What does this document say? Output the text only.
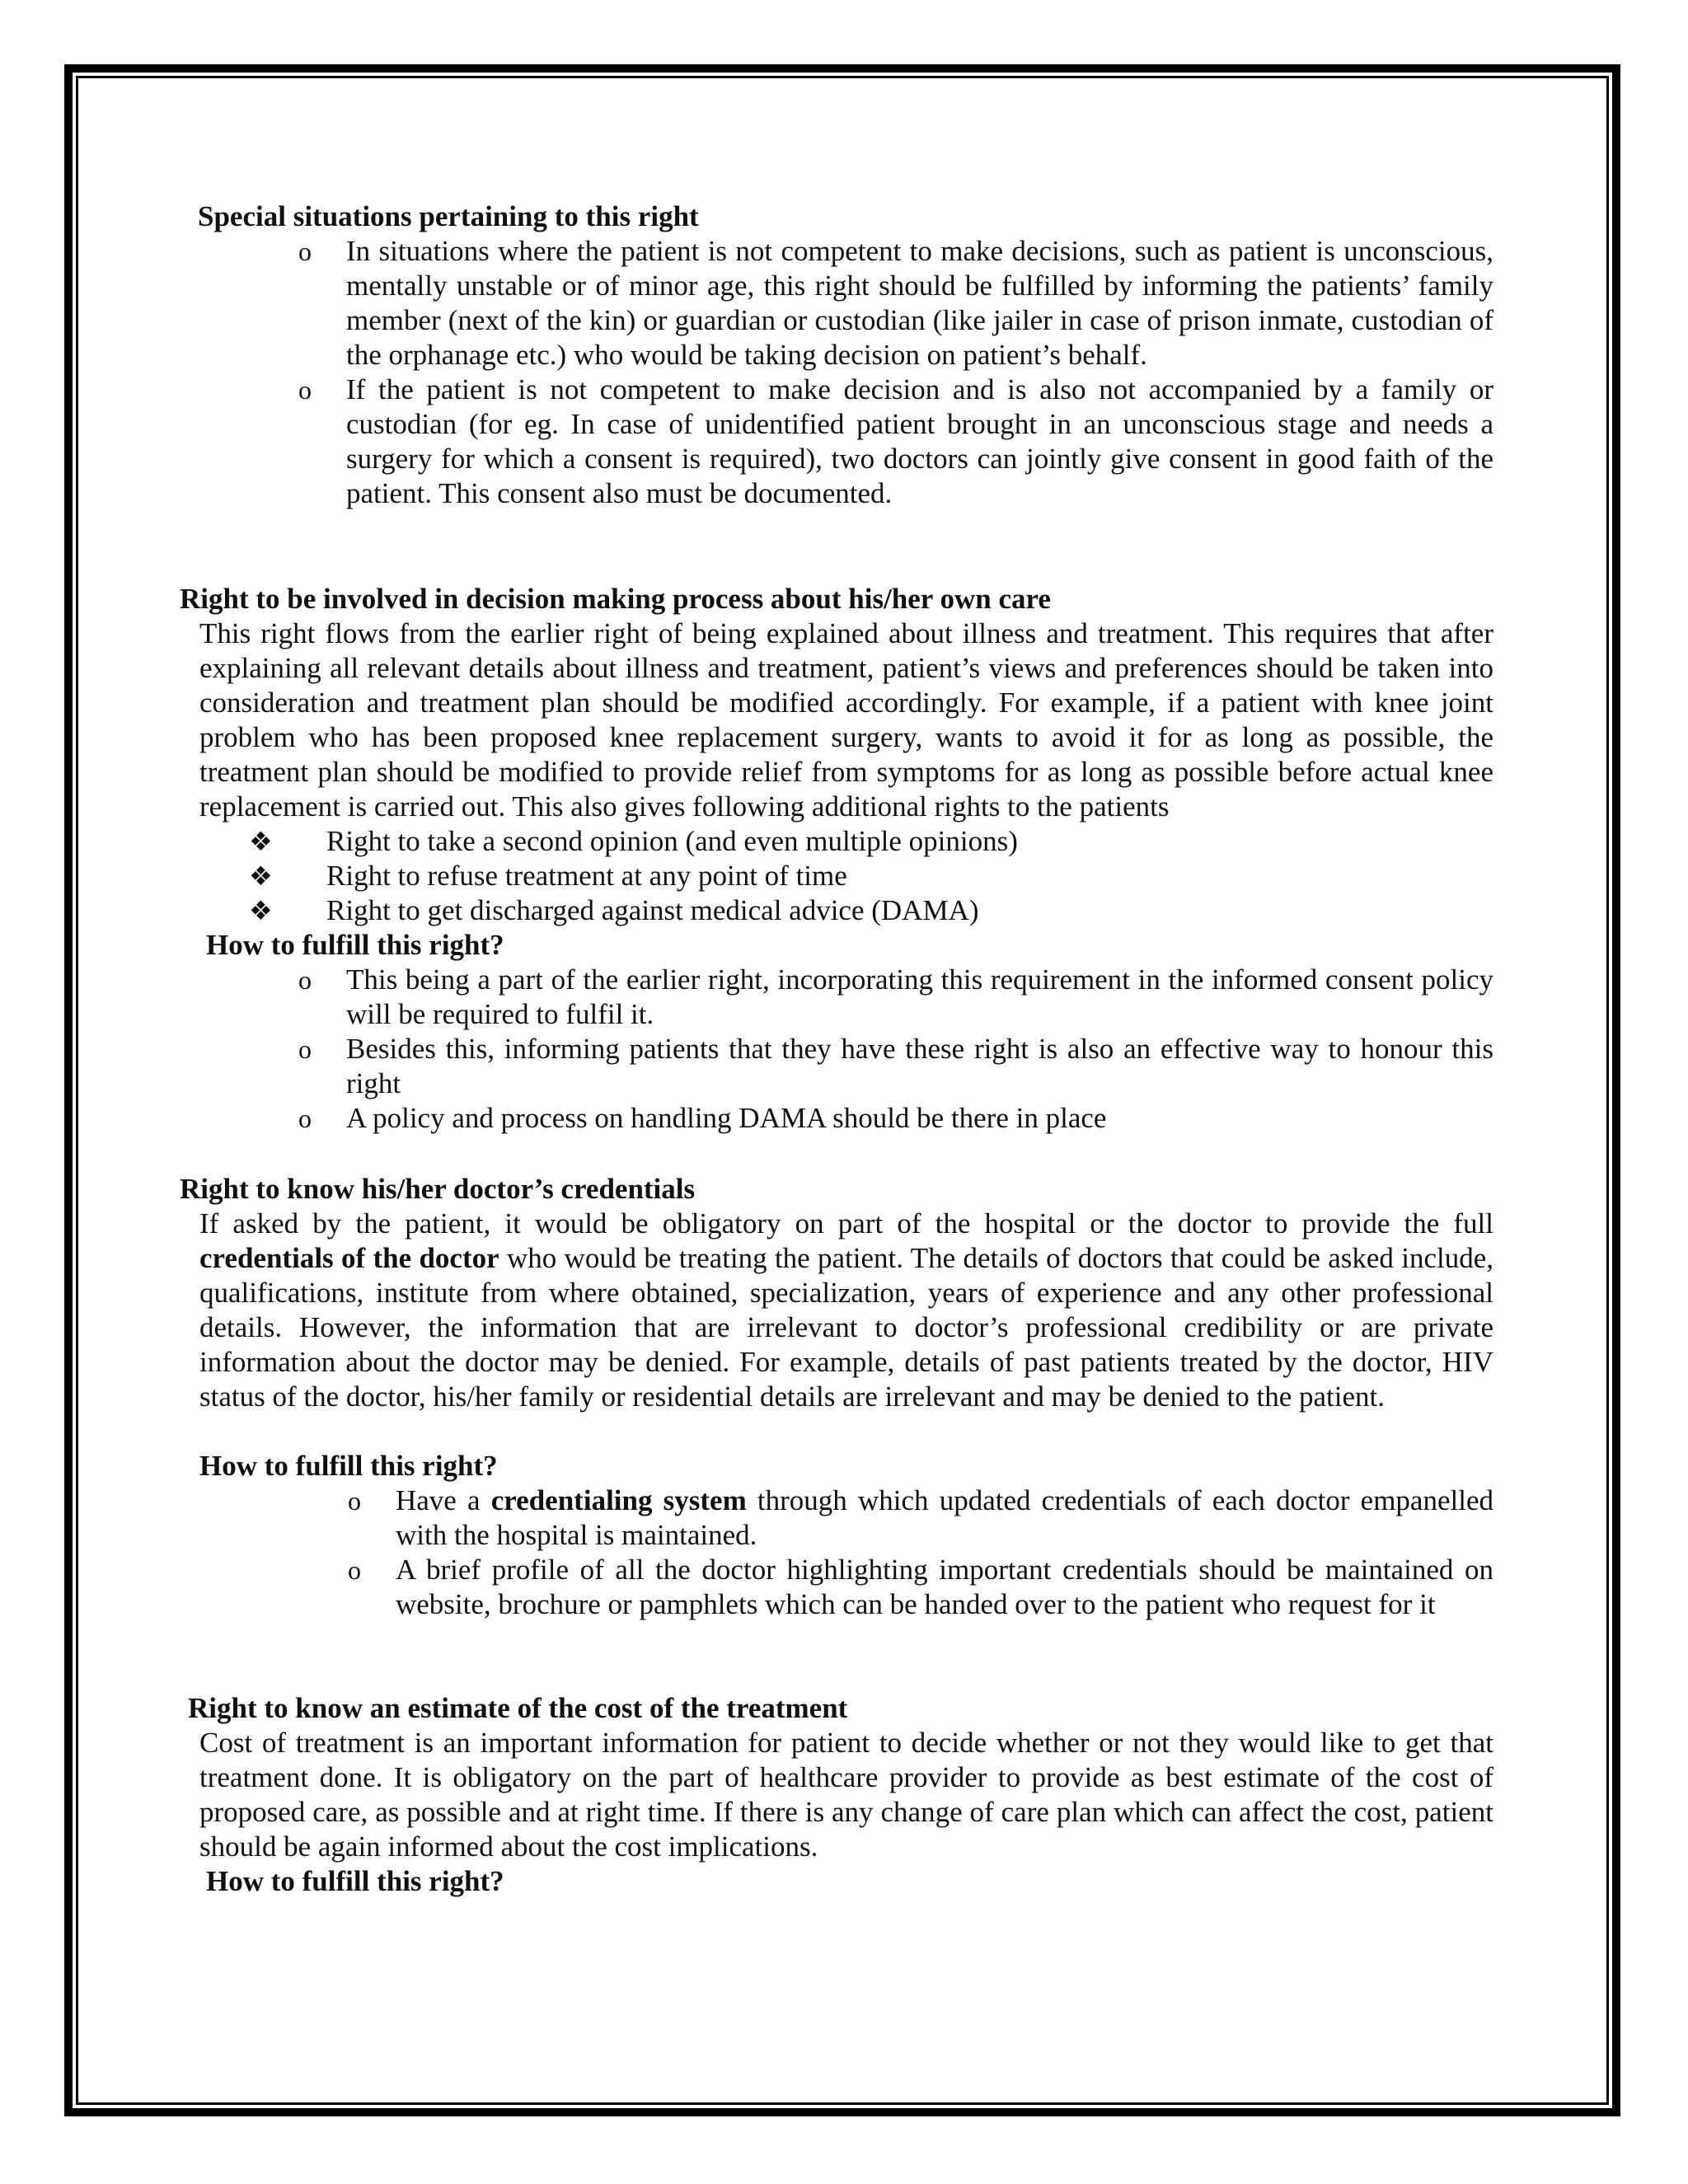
Special situations pertaining to this right

o In situations where the patient is not competent to make decisions, such as patient is unconscious, mentally unstable or of minor age, this right should be fulfilled by informing the patients’ family member (next of the kin) or guardian or custodian (like jailer in case of prison inmate, custodian of the orphanage etc.) who would be taking decision on patient’s behalf.
o If the patient is not competent to make decision and is also not accompanied by a family or custodian (for eg. In case of unidentified patient brought in an unconscious stage and needs a surgery for which a consent is required), two doctors can jointly give consent in good faith of the patient. This consent also must be documented.

Right to be involved in decision making process about his/her own care

This right flows from the earlier right of being explained about illness and treatment. This requires that after explaining all relevant details about illness and treatment, patient’s views and preferences should be taken into consideration and treatment plan should be modified accordingly. For example, if a patient with knee joint problem who has been proposed knee replacement surgery, wants to avoid it for as long as possible, the treatment plan should be modified to provide relief from symptoms for as long as possible before actual knee replacement is carried out. This also gives following additional rights to the patients

❖ Right to take a second opinion (and even multiple opinions)
❖ Right to refuse treatment at any point of time
❖ Right to get discharged against medical advice (DAMA)

How to fulfill this right?

o This being a part of the earlier right, incorporating this requirement in the informed consent policy will be required to fulfil it.
o Besides this, informing patients that they have these right is also an effective way to honour this right
o A policy and process on handling DAMA should be there in place

Right to know his/her doctor’s credentials

If asked by the patient, it would be obligatory on part of the hospital or the doctor to provide the full credentials of the doctor who would be treating the patient. The details of doctors that could be asked include, qualifications, institute from where obtained, specialization, years of experience and any other professional details. However, the information that are irrelevant to doctor’s professional credibility or are private information about the doctor may be denied. For example, details of past patients treated by the doctor, HIV status of the doctor, his/her family or residential details are irrelevant and may be denied to the patient.

How to fulfill this right?

o Have a credentialing system through which updated credentials of each doctor empanelled with the hospital is maintained.
o A brief profile of all the doctor highlighting important credentials should be maintained on website, brochure or pamphlets which can be handed over to the patient who request for it

Right to know an estimate of the cost of the treatment

Cost of treatment is an important information for patient to decide whether or not they would like to get that treatment done. It is obligatory on the part of healthcare provider to provide as best estimate of the cost of proposed care, as possible and at right time. If there is any change of care plan which can affect the cost, patient should be again informed about the cost implications.

How to fulfill this right?
